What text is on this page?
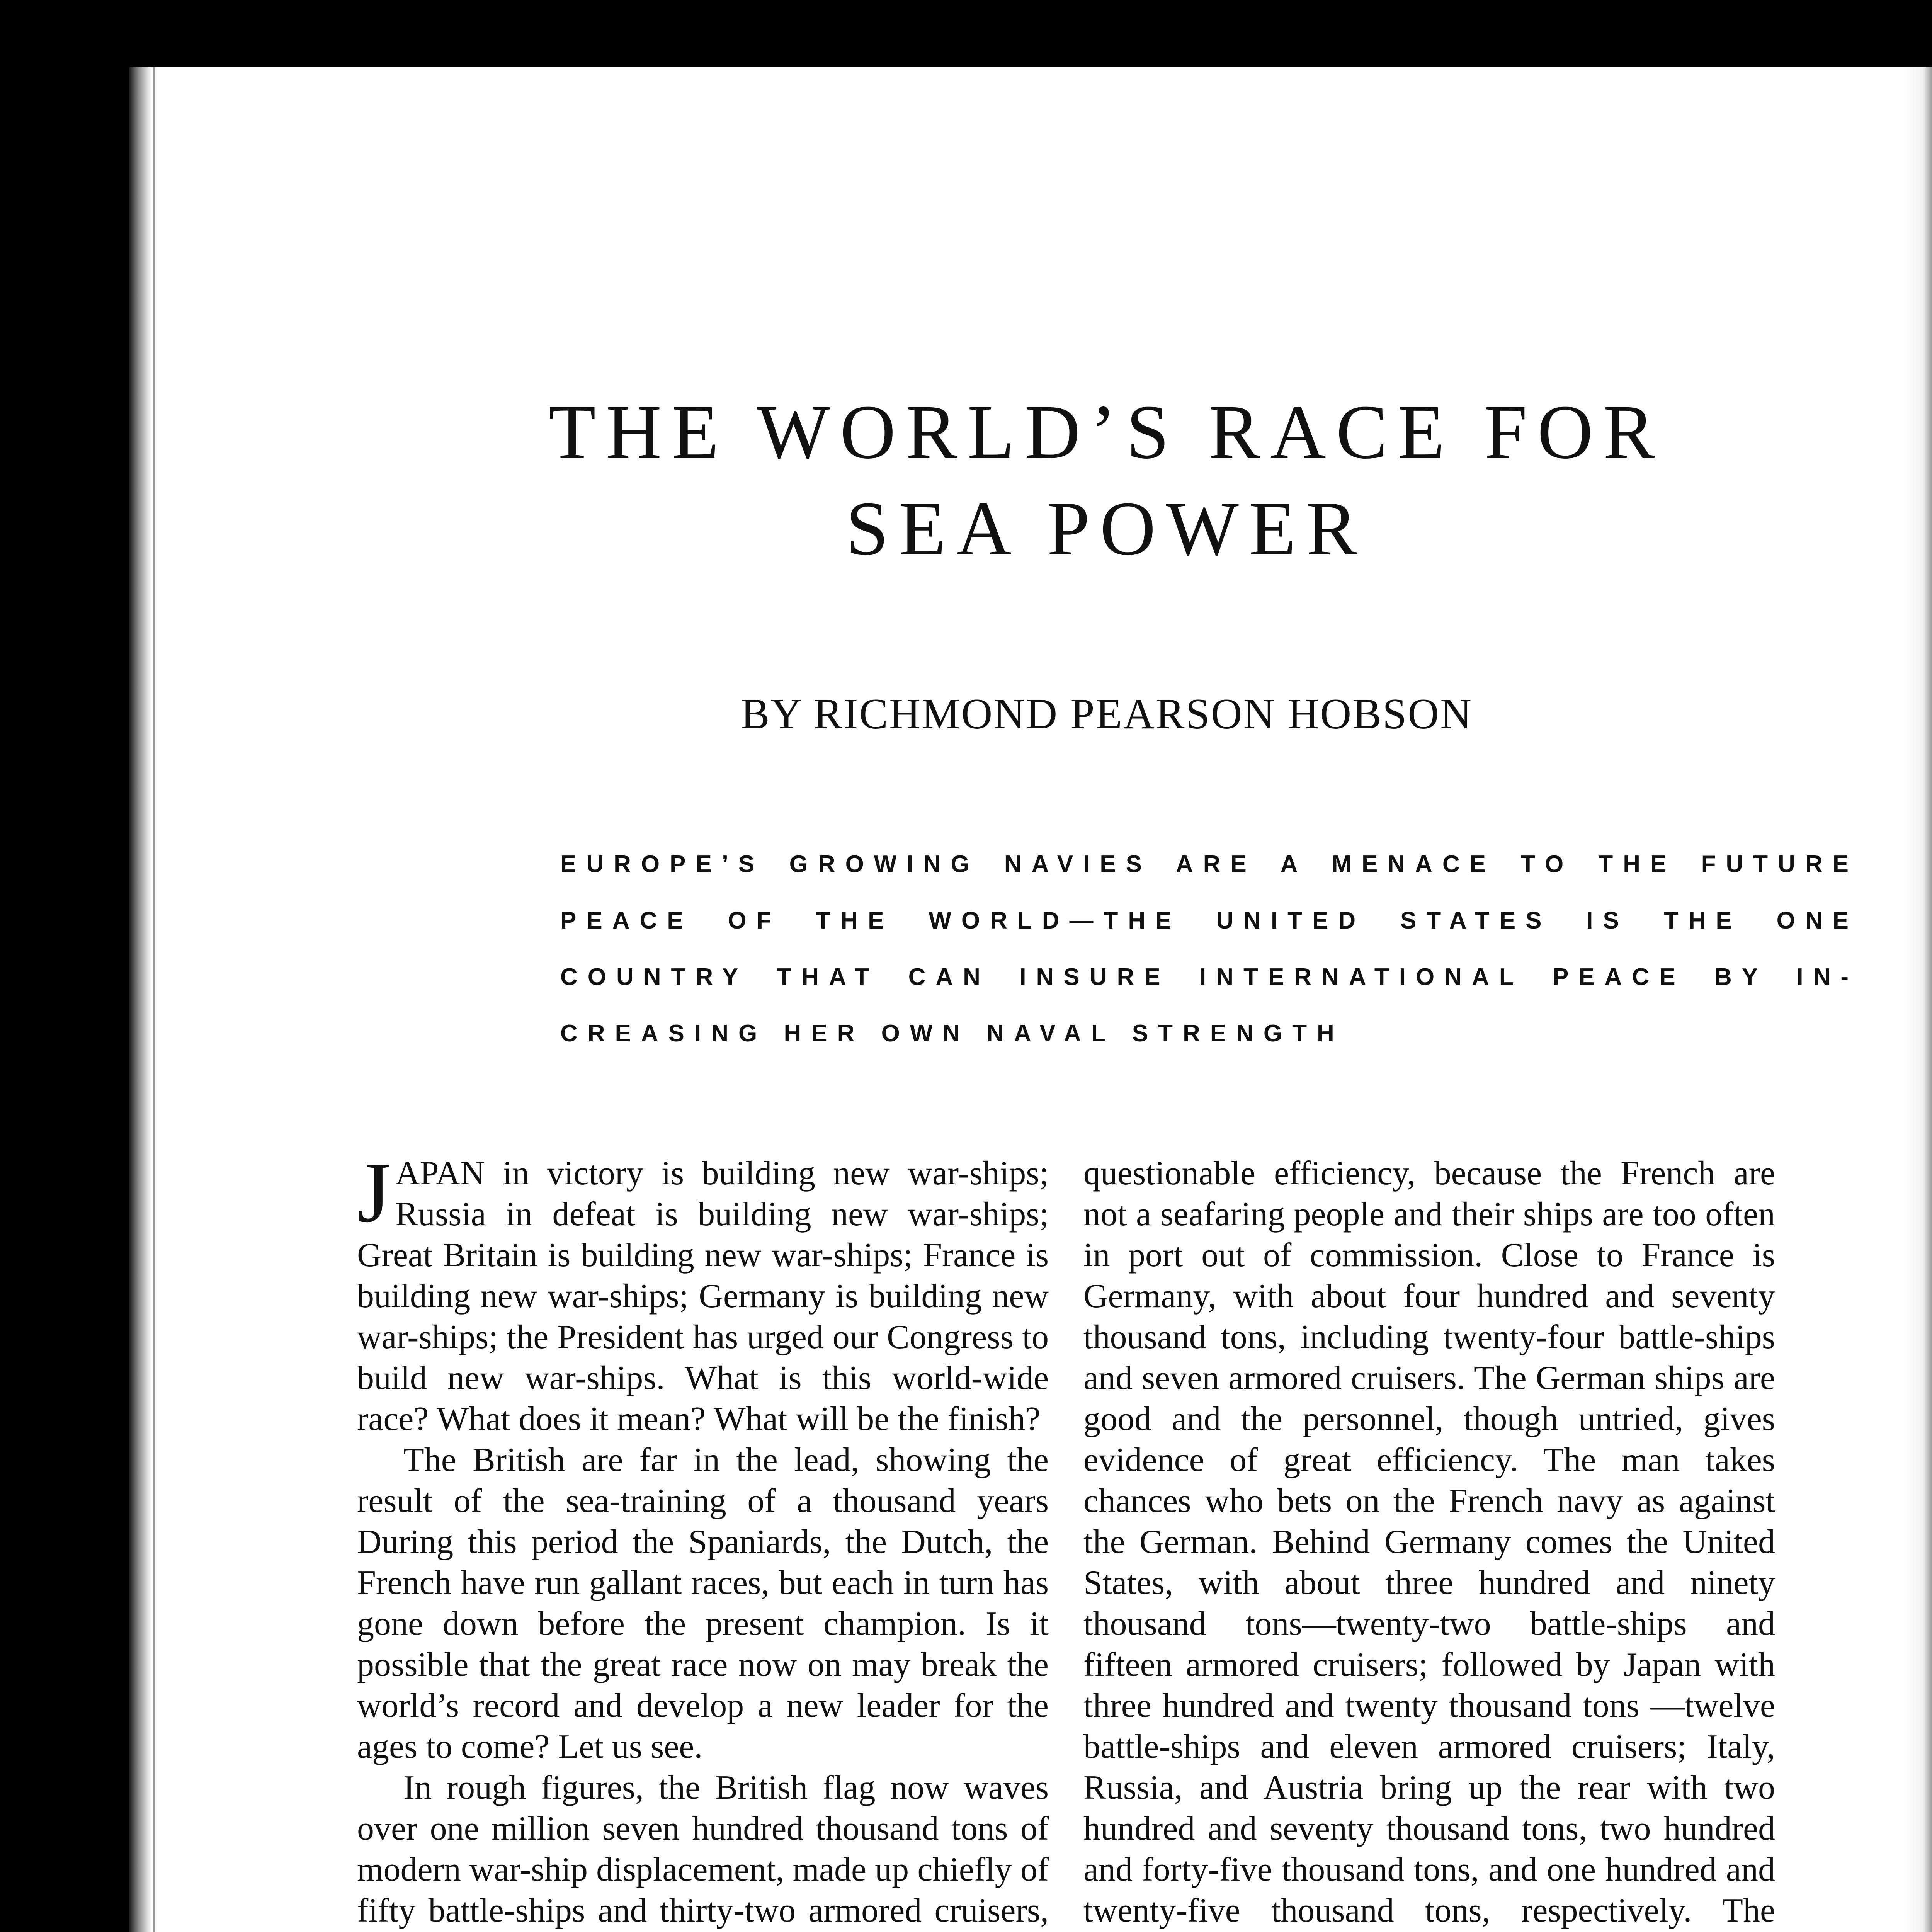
THE WORLD’S RACE FOR
SEA POWER
BY RICHMOND PEARSON HOBSON
EUROPE’S GROWING NAVIES ARE A MENACE TO THE FUTURE
PEACE OF THE WORLD—THE UNITED STATES IS THE ONE
COUNTRY THAT CAN INSURE INTERNATIONAL PEACE BY IN-
CREASING HER OWN NAVAL STRENGTH

JAPAN in victory is building new war-ships; Russia in defeat is building new war-ships; Great Britain is building new war-ships; France is building new war-ships; Germany is building new war-ships; the President has urged our Congress to build new war-ships. What is this world-wide race? What does it mean? What will be the finish?

The British are far in the lead, showing the result of the sea-training of a thousand years During this period the Spaniards, the Dutch, the French have run gallant races, but each in turn has gone down before the present champion. Is it possible that the great race now on may break the world’s record and develop a new leader for the ages to come? Let us see.

In rough figures, the British flag now waves over one million seven hundred thousand tons of modern war-ship displacement, made up chiefly of fifty battle-ships and thirty-two armored cruisers,

questionable efficiency, because the French are not a seafaring people and their ships are too often in port out of commission. Close to France is Germany, with about four hundred and seventy thousand tons, including twenty-four battle-ships and seven armored cruisers. The German ships are good and the personnel, though untried, gives evidence of great efficiency. The man takes chances who bets on the French navy as against the German. Behind Germany comes the United States, with about three hundred and ninety thousand tons—twenty-two battle-ships and fifteen armored cruisers; followed by Japan with three hundred and twenty thousand tons —twelve battle-ships and eleven armored cruisers; Italy, Russia, and Austria bring up the rear with two hundred and seventy thousand tons, two hundred and forty-five thousand tons, and one hundred and twenty-five thousand tons, respectively. The
